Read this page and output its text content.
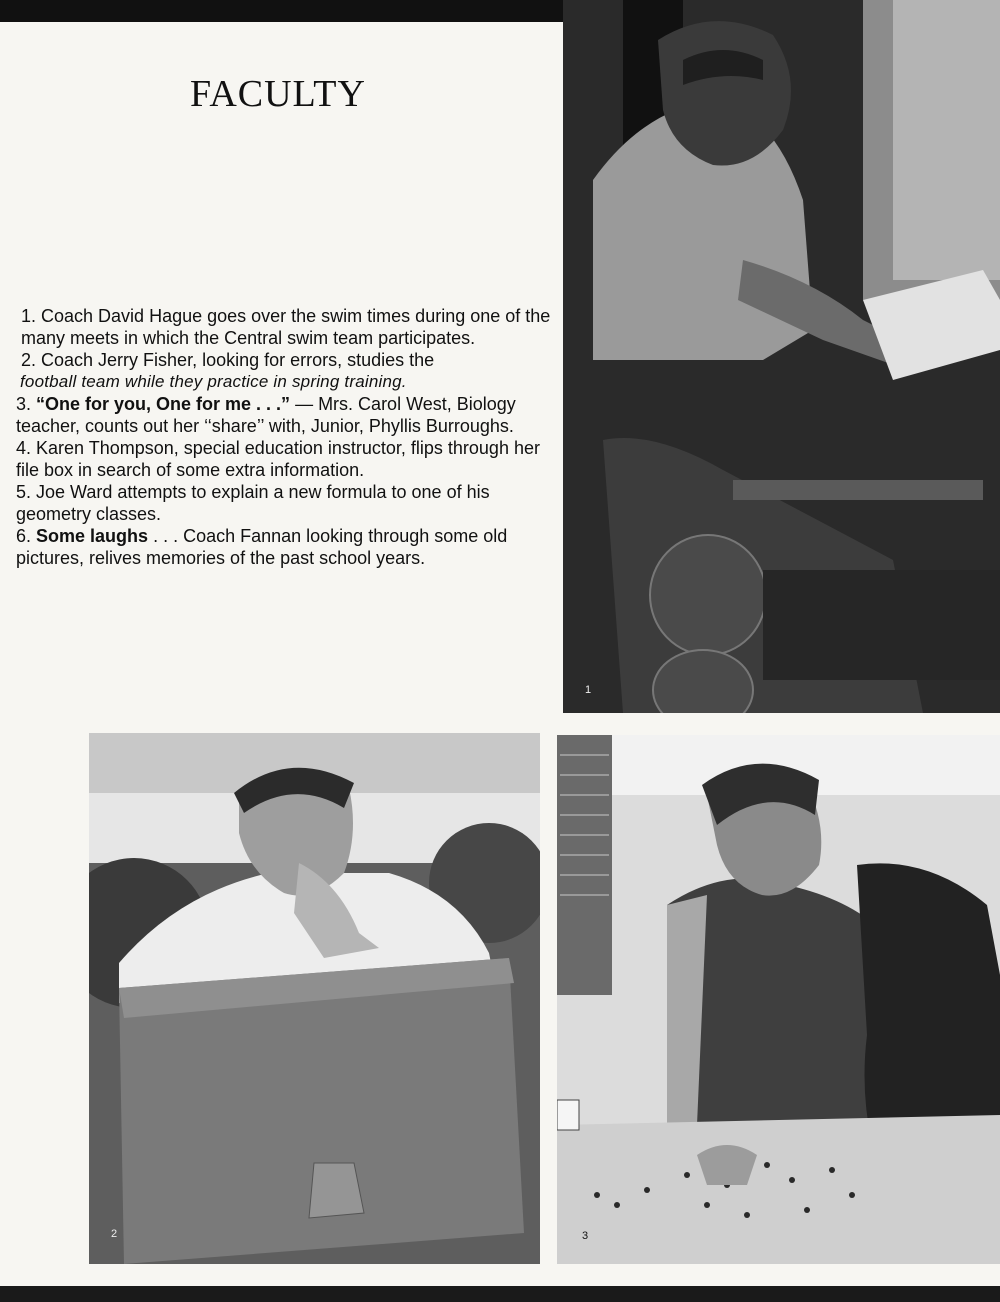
FACULTY

1. Coach David Hague goes over the swim times during one of the many meets in which the Central swim team participates.

2. Coach Jerry Fisher, looking for errors, studies the

football team while they practice in spring training.

3. “One for you, One for me . . .” — Mrs. Carol West, Biology teacher, counts out her ‘‘share’’ with, Junior, Phyllis Burroughs.

4. Karen Thompson, special education instructor, flips through her file box in search of some extra information.

5. Joe Ward attempts to explain a new formula to one of his geometry classes.

6. Some laughs . . . Coach Fannan looking through some old pictures, relives memories of the past school years.

1
2	3
